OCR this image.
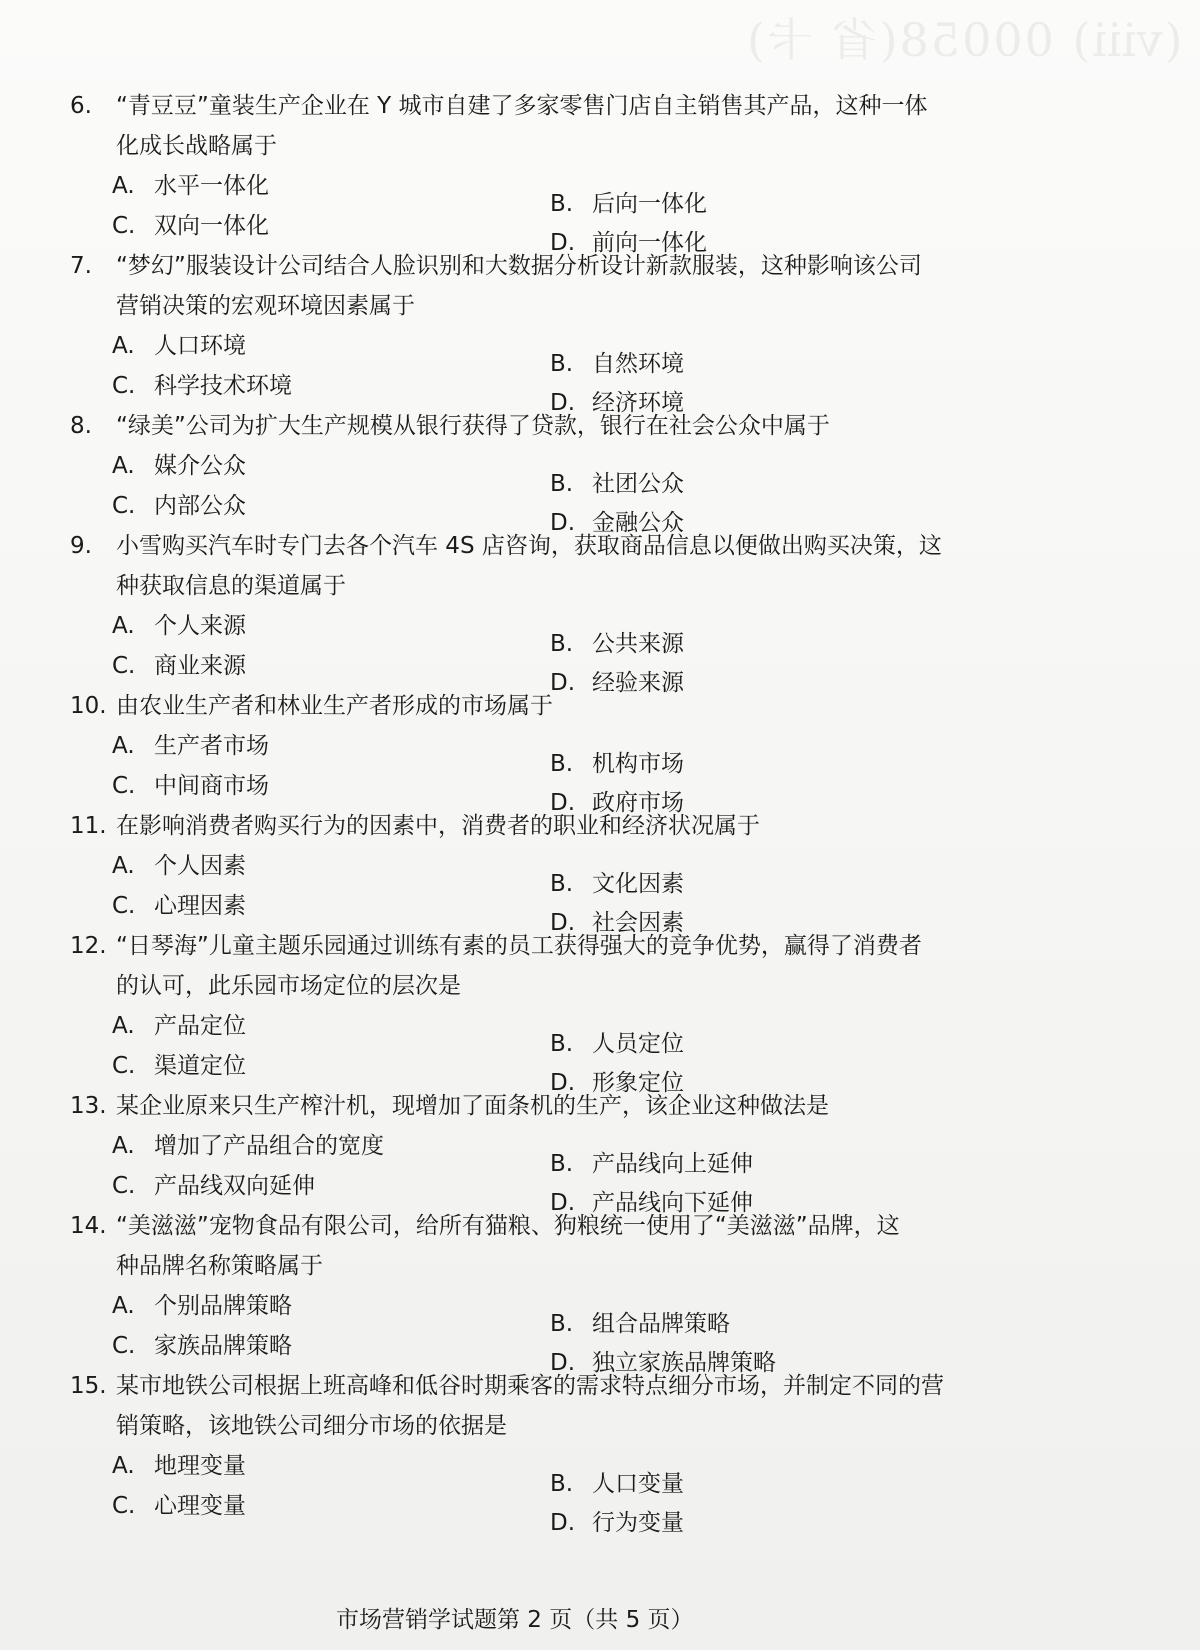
(ⅷ) 00058(省 卡)
6.	“青豆豆”童装生产企业在 Y 城市自建了多家零售门店自主销售其产品，这种一体
化成长战略属于
A. 水平一体化
B. 后向一体化
C. 双向一体化
D. 前向一体化
7.	“梦幻”服装设计公司结合人脸识别和大数据分析设计新款服装，这种影响该公司
营销决策的宏观环境因素属于
A. 人口环境
B. 自然环境
C. 科学技术环境
D. 经济环境
8.	“绿美”公司为扩大生产规模从银行获得了贷款，银行在社会公众中属于
A. 媒介公众
B. 社团公众
C. 内部公众
D. 金融公众
9.	小雪购买汽车时专门去各个汽车 4S 店咨询，获取商品信息以便做出购买决策，这
种获取信息的渠道属于
A. 个人来源
B. 公共来源
C. 商业来源
D. 经验来源
10. 由农业生产者和林业生产者形成的市场属于
A. 生产者市场
B. 机构市场
C. 中间商市场
D. 政府市场
11. 在影响消费者购买行为的因素中，消费者的职业和经济状况属于
A. 个人因素
B. 文化因素
C. 心理因素
D. 社会因素
12. “日琴海”儿童主题乐园通过训练有素的员工获得强大的竞争优势，赢得了消费者
的认可，此乐园市场定位的层次是
A. 产品定位
B. 人员定位
C. 渠道定位
D. 形象定位
13. 某企业原来只生产榨汁机，现增加了面条机的生产，该企业这种做法是
A. 增加了产品组合的宽度
B. 产品线向上延伸
C. 产品线双向延伸
D. 产品线向下延伸
14. “美滋滋”宠物食品有限公司，给所有猫粮、狗粮统一使用了“美滋滋”品牌，这
种品牌名称策略属于
A. 个别品牌策略
B. 组合品牌策略
C. 家族品牌策略
D. 独立家族品牌策略
15. 某市地铁公司根据上班高峰和低谷时期乘客的需求特点细分市场，并制定不同的营
销策略，该地铁公司细分市场的依据是
A. 地理变量
B. 人口变量
C. 心理变量
D. 行为变量
市场营销学试题第 2 页（共 5 页）
